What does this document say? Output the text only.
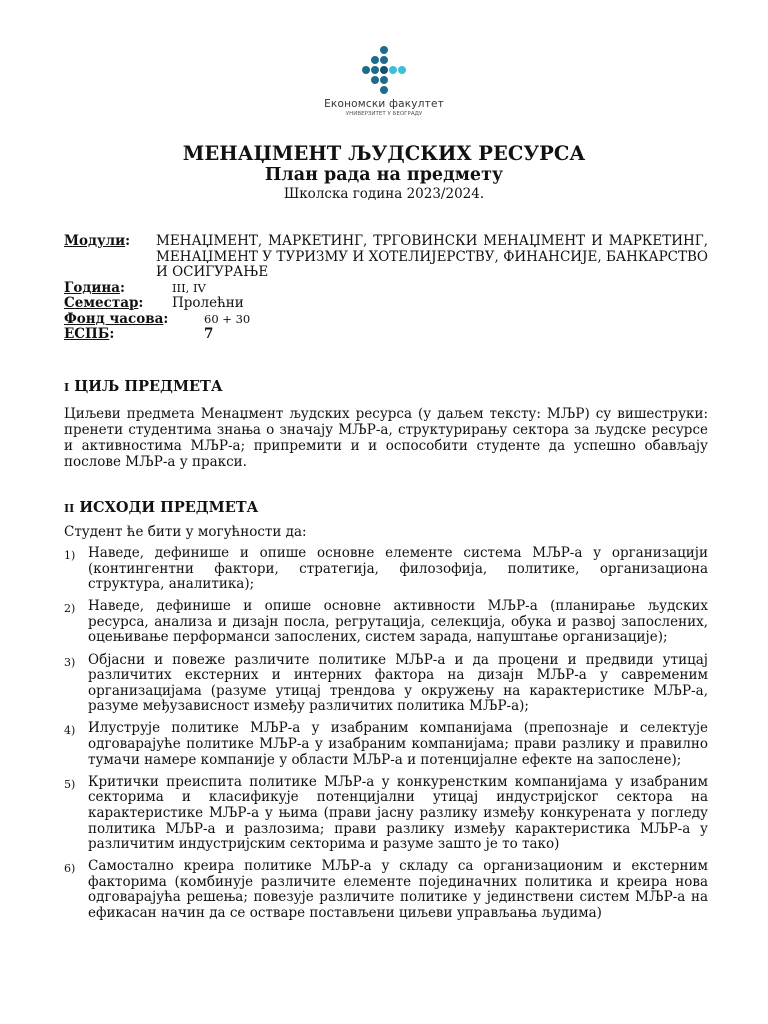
Економски факултет
УНИВЕРЗИТЕТ У БЕОГРАДУ
МЕНАЏМЕНТ ЉУДСКИХ РЕСУРСА
План рада на предмету
Школска година 2023/2024.
Модули:	МЕНАЏМЕНТ, МАРКЕТИНГ, ТРГОВИНСКИ МЕНАЏМЕНТ И МАРКЕТИНГ, МЕНАЏМЕНТ У ТУРИЗМУ И ХОТЕЛИЈЕРСТВУ, ФИНАНСИЈЕ, БАНКАРСТВО И ОСИГУРАЊЕ
Година:	III, IV
Семестар: Пролећни
Фонд часова:	60 + 30
ЕСПБ:	7
I ЦИЉ ПРЕДМЕТА
Циљеви предмета Менаџмент људских ресурса (у даљем тексту: МЉР) су вишеструки: пренети студентима знања о значају МЉР-а, структурирању сектора за људске ресурсе и активностима МЉР-а; припремити и и оспособити студенте да успешно обављају послове МЉР-а у пракси.
II ИСХОДИ ПРЕДМЕТА
Студент ће бити у могућности да:
1) Наведе, дефинише и опише основне елементе система МЉР-а у организацији (контингентни фактори, стратегија, филозофија, политике, организациона структура, аналитика);
2) Наведе, дефинише и опише основне активности МЉР-а (планирање људских ресурса, анализа и дизајн посла, регрутација, селекција, обука и развој запослених, оцењивање перформанси запослених, систем зарада, напуштање организације);
3) Објасни и повеже различите политике МЉР-а и да процени и предвиди утицај различитих екстерних и интерних фактора на дизајн МЉР-а у савременим организацијама (разуме утицај трендова у окружењу на карактеристике МЉР-а, разуме међузависност између различитих политика МЉР-а);
4) Илуструје политике МЉР-а у изабраним компанијама (препознаје и селектује одговарајуће политике МЉР-а у изабраним компанијама; прави разлику и правилно тумачи намере компаније у области МЉР-а и потенцијалне ефекте на запослене);
5) Критички преиспита политике МЉР-а у конкуренстким компанијама у изабраним секторима и класификује потенцијални утицај индустријског сектора на карактеристике МЉР-а у њима (прави јасну разлику између конкурената у погледу политика МЉР-а и разлозима; прави разлику између карактеристика МЉР-а у различитим индустријским секторима и разуме зашто је то тако)
6) Самостално креира политике МЉР-а у складу са организационим и екстерним факторима (комбинује различите елементе појединачних политика и креира нова одговарајућа решења; повезује различите политике у јединствени систем МЉР-а на ефикасан начин да се остваре постављени циљеви управљања људима)
